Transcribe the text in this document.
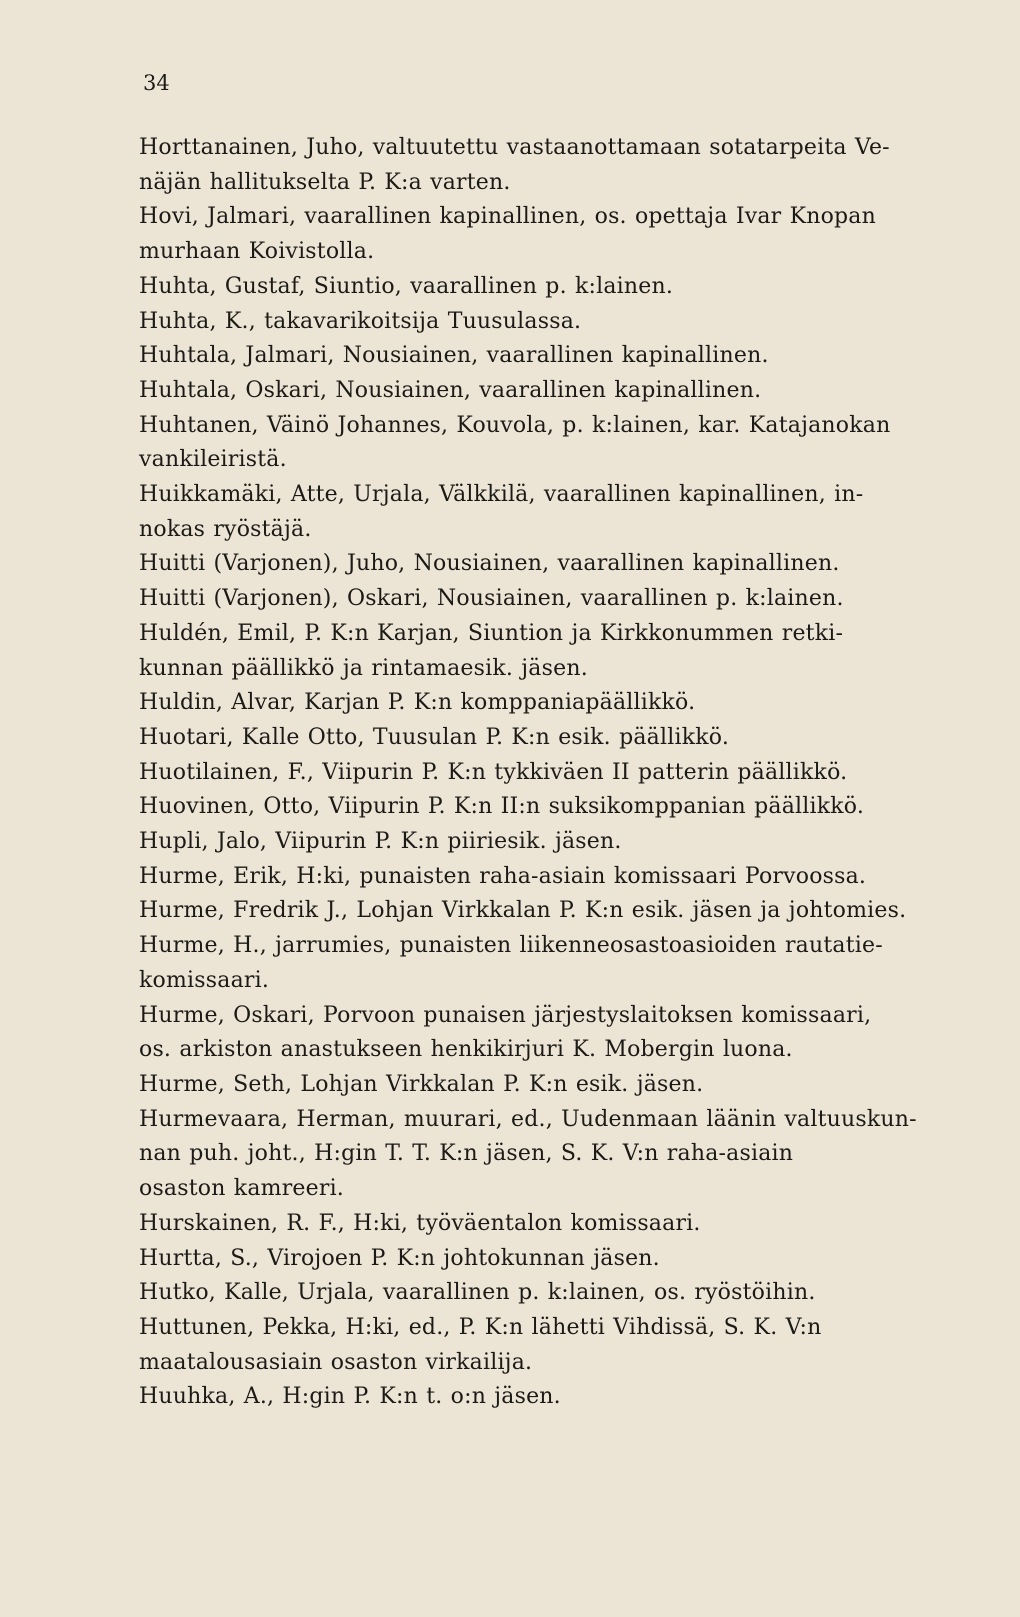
34
Horttanainen, Juho, valtuutettu vastaanottamaan sotatarpeita Ve-
näjän hallitukselta P. K:a varten.
Hovi, Jalmari, vaarallinen kapinallinen, os. opettaja Ivar Knopan
murhaan Koivistolla.
Huhta, Gustaf, Siuntio, vaarallinen p. k:lainen.
Huhta, K., takavarikoitsija Tuusulassa.
Huhtala, Jalmari, Nousiainen, vaarallinen kapinallinen.
Huhtala, Oskari, Nousiainen, vaarallinen kapinallinen.
Huhtanen, Väinö Johannes, Kouvola, p. k:lainen, kar. Katajanokan
vankileiristä.
Huikkamäki, Atte, Urjala, Välkkilä, vaarallinen kapinallinen, in-
nokas ryöstäjä.
Huitti (Varjonen), Juho, Nousiainen, vaarallinen kapinallinen.
Huitti (Varjonen), Oskari, Nousiainen, vaarallinen p. k:lainen.
Huldén, Emil, P. K:n Karjan, Siuntion ja Kirkkonummen retki-
kunnan päällikkö ja rintamaesik. jäsen.
Huldin, Alvar, Karjan P. K:n komppaniapäällikkö.
Huotari, Kalle Otto, Tuusulan P. K:n esik. päällikkö.
Huotilainen, F., Viipurin P. K:n tykkiväen II patterin päällikkö.
Huovinen, Otto, Viipurin P. K:n II:n suksikomppanian päällikkö.
Hupli, Jalo, Viipurin P. K:n piiriesik. jäsen.
Hurme, Erik, H:ki, punaisten raha-asiain komissaari Porvoossa.
Hurme, Fredrik J., Lohjan Virkkalan P. K:n esik. jäsen ja johtomies.
Hurme, H., jarrumies, punaisten liikenneosastoasioiden rautatie-
komissaari.
Hurme, Oskari, Porvoon punaisen järjestyslaitoksen komissaari,
os. arkiston anastukseen henkikirjuri K. Mobergin luona.
Hurme, Seth, Lohjan Virkkalan P. K:n esik. jäsen.
Hurmevaara, Herman, muurari, ed., Uudenmaan läänin valtuuskun-
nan puh. joht., H:gin T. T. K:n jäsen, S. K. V:n raha-asiain
osaston kamreeri.
Hurskainen, R. F., H:ki, työväentalon komissaari.
Hurtta, S., Virojoen P. K:n johtokunnan jäsen.
Hutko, Kalle, Urjala, vaarallinen p. k:lainen, os. ryöstöihin.
Huttunen, Pekka, H:ki, ed., P. K:n lähetti Vihdissä, S. K. V:n
maatalousasiain osaston virkailija.
Huuhka, A., H:gin P. K:n t. o:n jäsen.
